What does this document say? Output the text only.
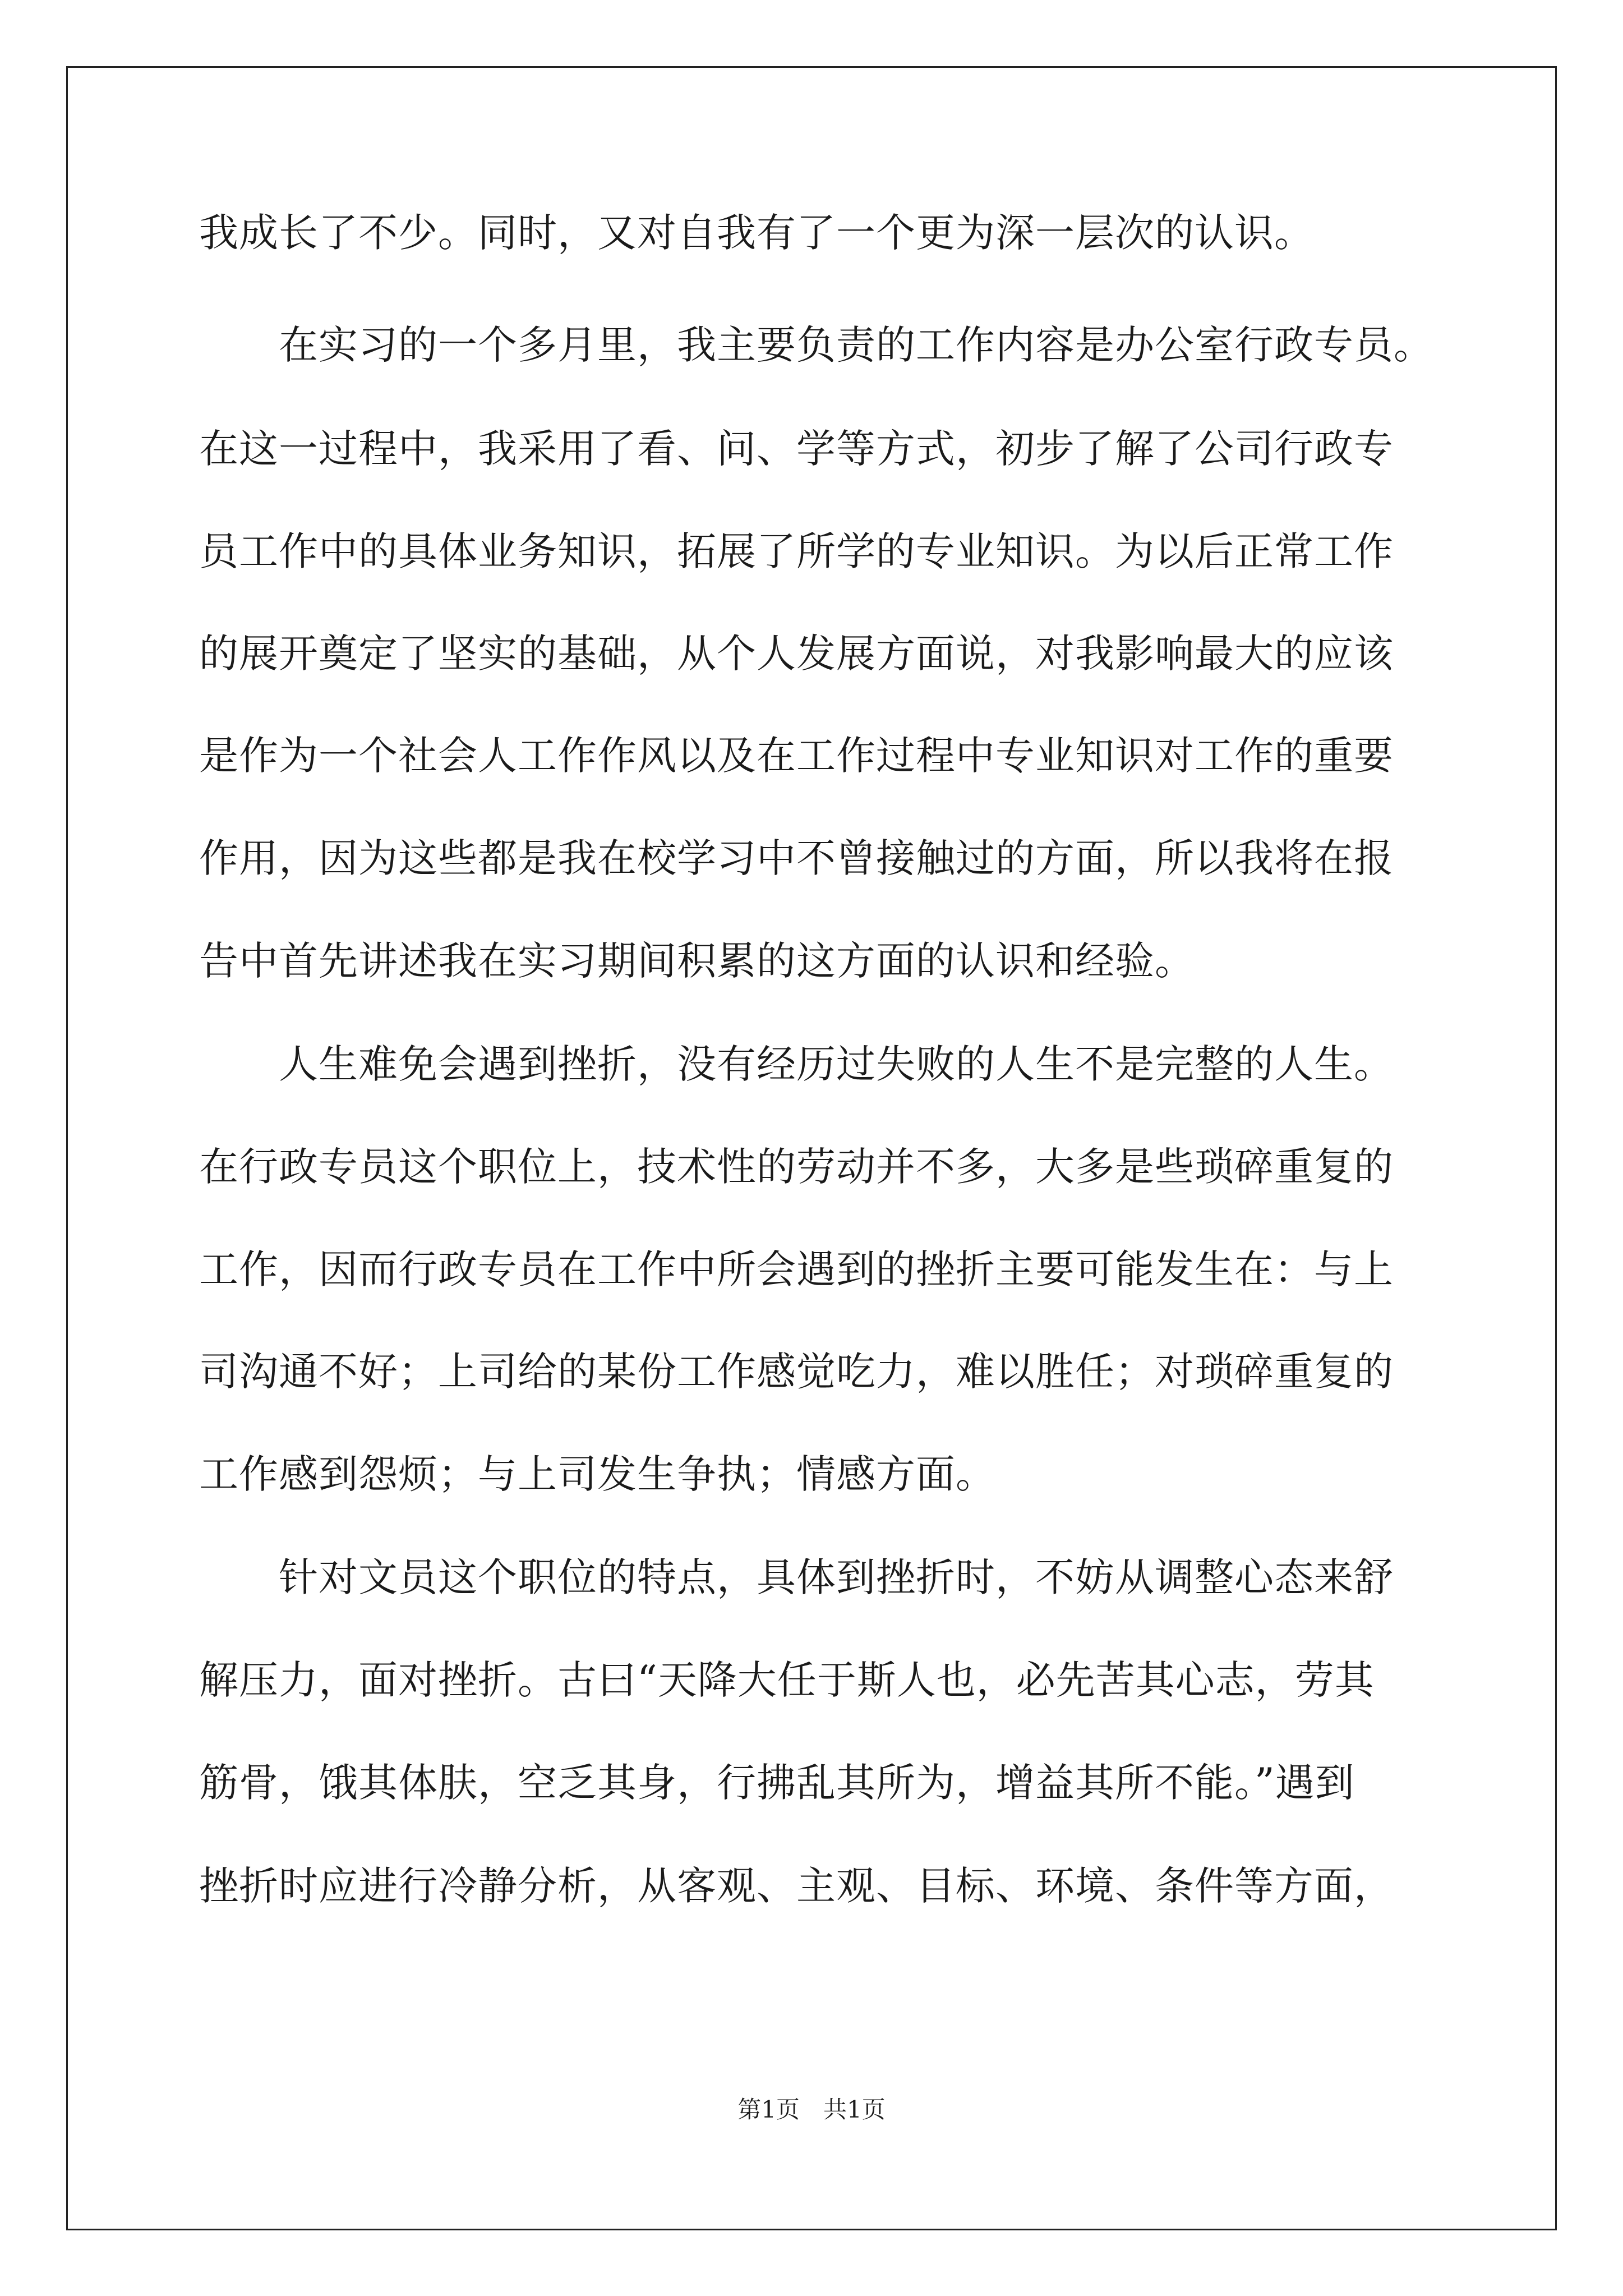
我成长了不少。同时，又对自我有了一个更为深一层次的认识。
　　在实习的一个多月里，我主要负责的工作内容是办公室行政专员。
在这一过程中，我采用了看、问、学等方式，初步了解了公司行政专
员工作中的具体业务知识，拓展了所学的专业知识。为以后正常工作
的展开奠定了坚实的基础，从个人发展方面说，对我影响最大的应该
是作为一个社会人工作作风以及在工作过程中专业知识对工作的重要
作用，因为这些都是我在校学习中不曾接触过的方面，所以我将在报
告中首先讲述我在实习期间积累的这方面的认识和经验。
　　人生难免会遇到挫折，没有经历过失败的人生不是完整的人生。
在行政专员这个职位上，技术性的劳动并不多，大多是些琐碎重复的
工作，因而行政专员在工作中所会遇到的挫折主要可能发生在：与上
司沟通不好；上司给的某份工作感觉吃力，难以胜任；对琐碎重复的
工作感到怨烦；与上司发生争执；情感方面。
　　针对文员这个职位的特点，具体到挫折时，不妨从调整心态来舒
解压力，面对挫折。古曰“天降大任于斯人也，必先苦其心志，劳其
筋骨，饿其体肤，空乏其身，行拂乱其所为，增益其所不能。”遇到
挫折时应进行冷静分析，从客观、主观、目标、环境、条件等方面，
第1页　共1页
